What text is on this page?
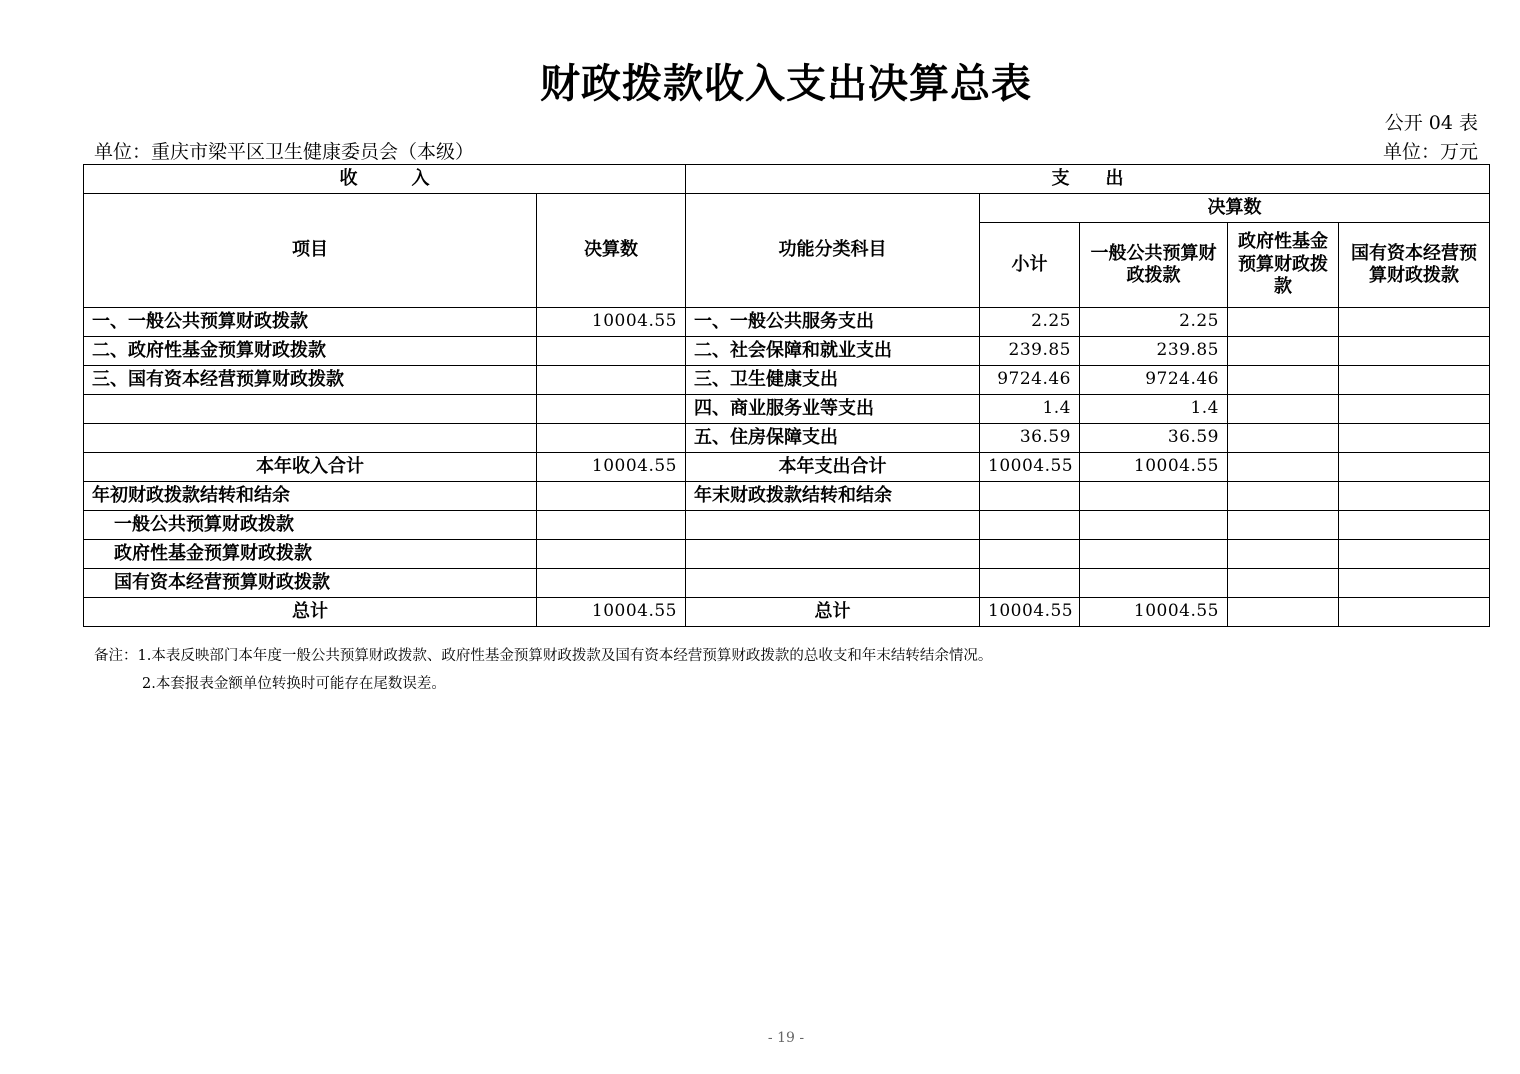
财政拨款收入支出决算总表
公开 04 表
单位：重庆市梁平区卫生健康委员会（本级）	单位：万元
收　　　入		支　　出				
项目	决算数	功能分类科目	决算数			
			小计	一般公共预算财政拨款	政府性基金预算财政拨款	国有资本经营预算财政拨款
一、一般公共预算财政拨款	10004.55	一、一般公共服务支出	2.25	2.25		
二、政府性基金预算财政拨款		二、社会保障和就业支出	239.85	239.85		
三、国有资本经营预算财政拨款		三、卫生健康支出	9724.46	9724.46		
		四、商业服务业等支出	1.4	1.4		
		五、住房保障支出	36.59	36.59		
本年收入合计	10004.55	本年支出合计	10004.55	10004.55		
年初财政拨款结转和结余		年末财政拨款结转和结余				
一般公共预算财政拨款						
政府性基金预算财政拨款						
国有资本经营预算财政拨款						
总计	10004.55	总计	10004.55	10004.55		
备注：1.本表反映部门本年度一般公共预算财政拨款、政府性基金预算财政拨款及国有资本经营预算财政拨款的总收支和年末结转结余情况。
2.本套报表金额单位转换时可能存在尾数误差。
- 19 -
